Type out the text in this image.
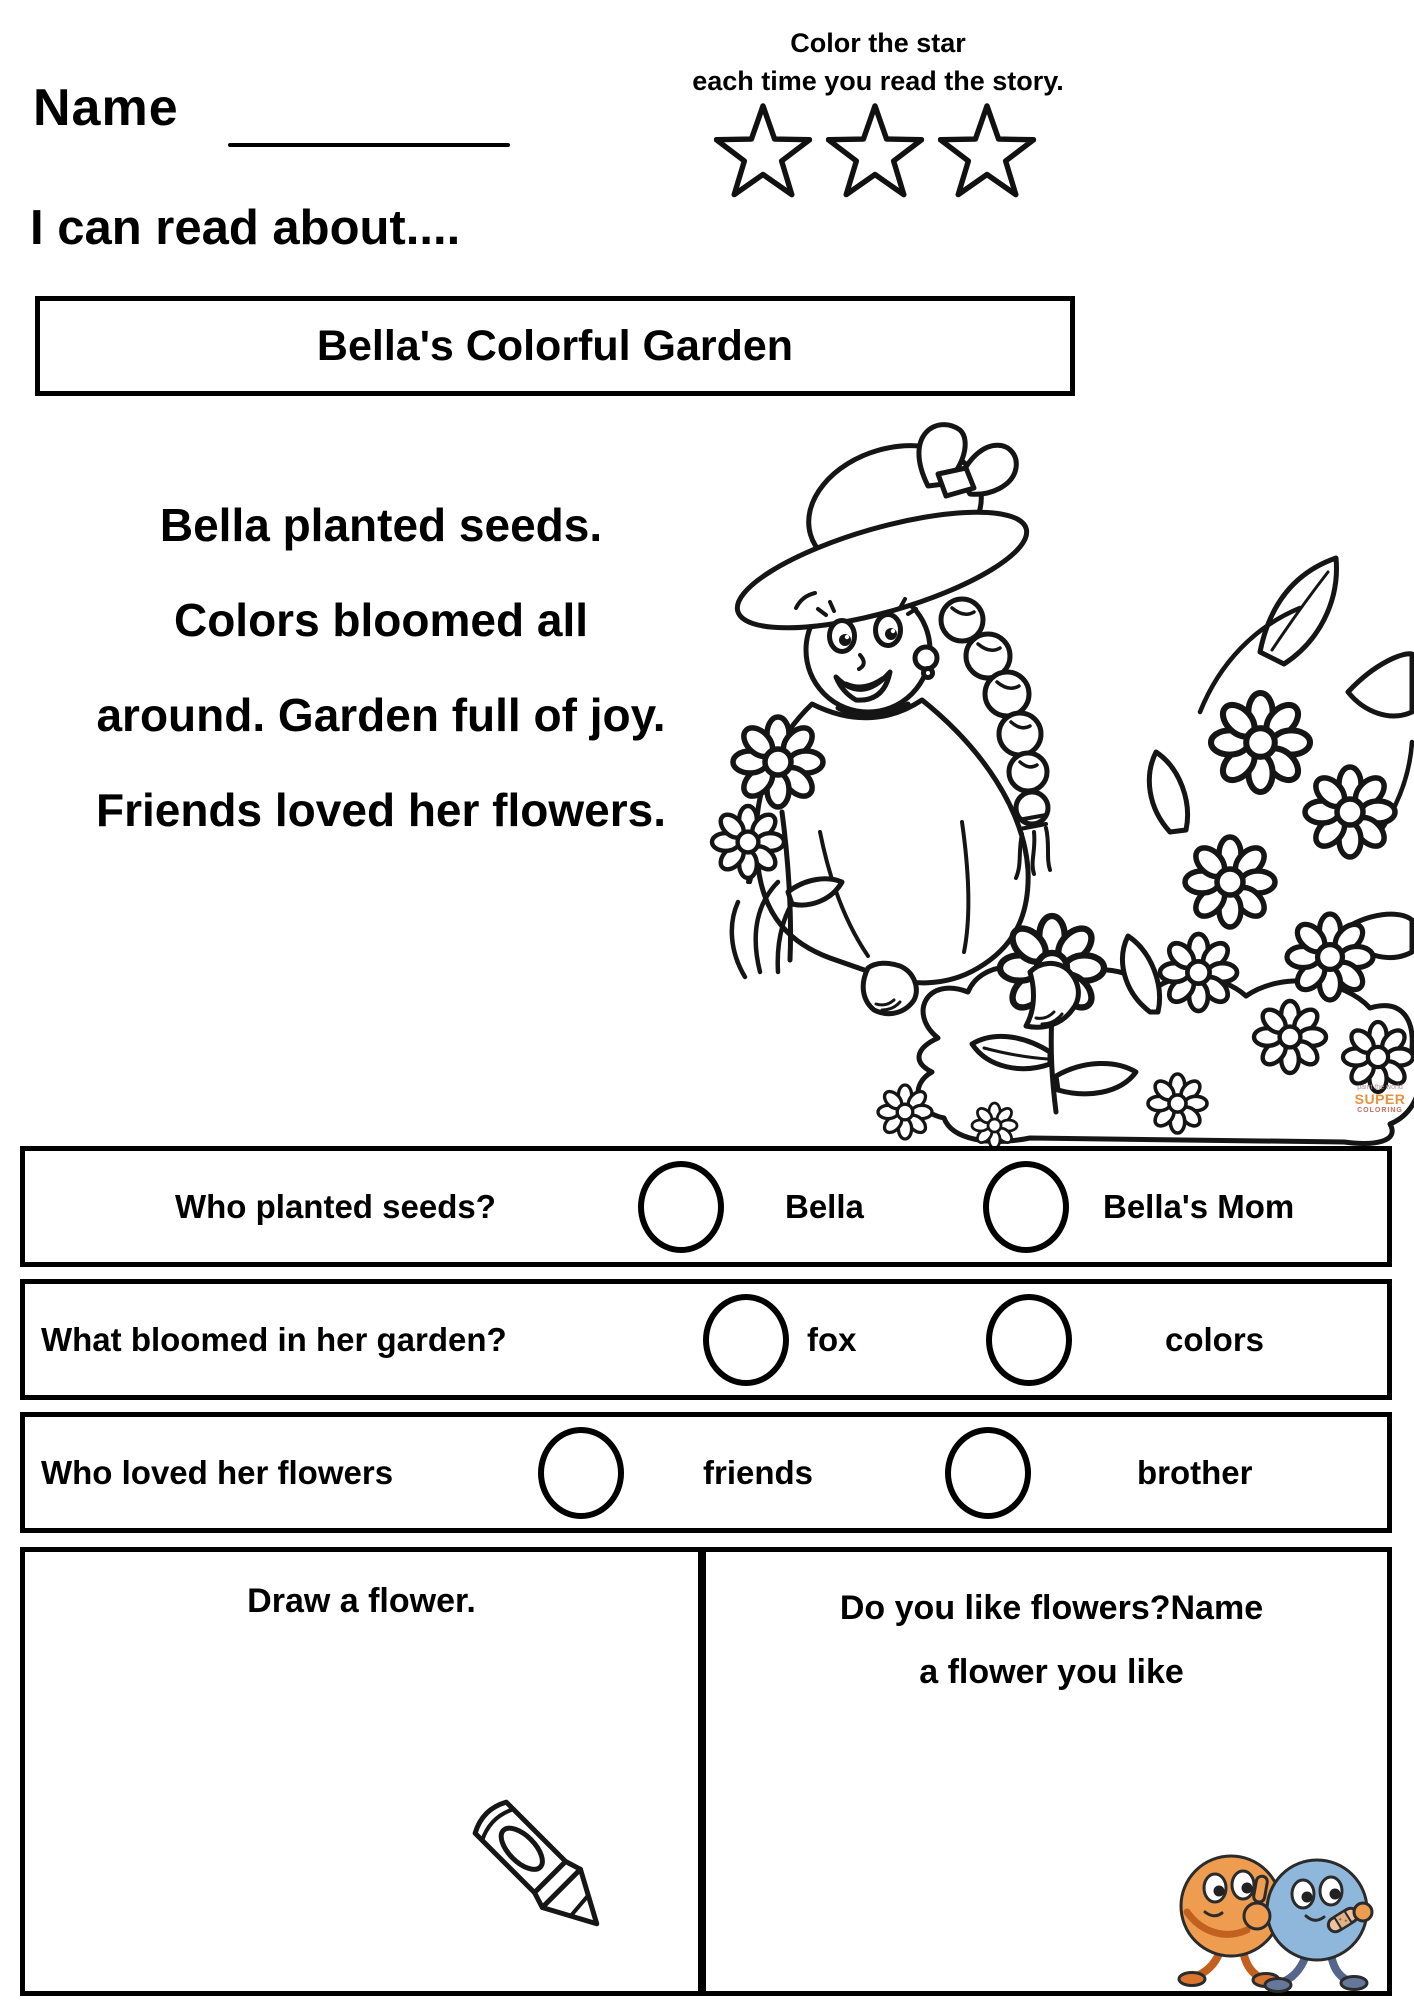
Name
Color the star
each time you read the story.
I can read about....
Bella's Colorful Garden
Bella planted seeds.
Colors bloomed all
around. Garden full of joy.
Friends loved her flowers.
paint the world
SUPER
COLORING
Who planted seeds?	Bella	Bella's Mom
What bloomed in her garden?	fox	colors
Who loved her flowers	friends	brother
Draw a flower.	Do you like flowers?Name
a flower you like
